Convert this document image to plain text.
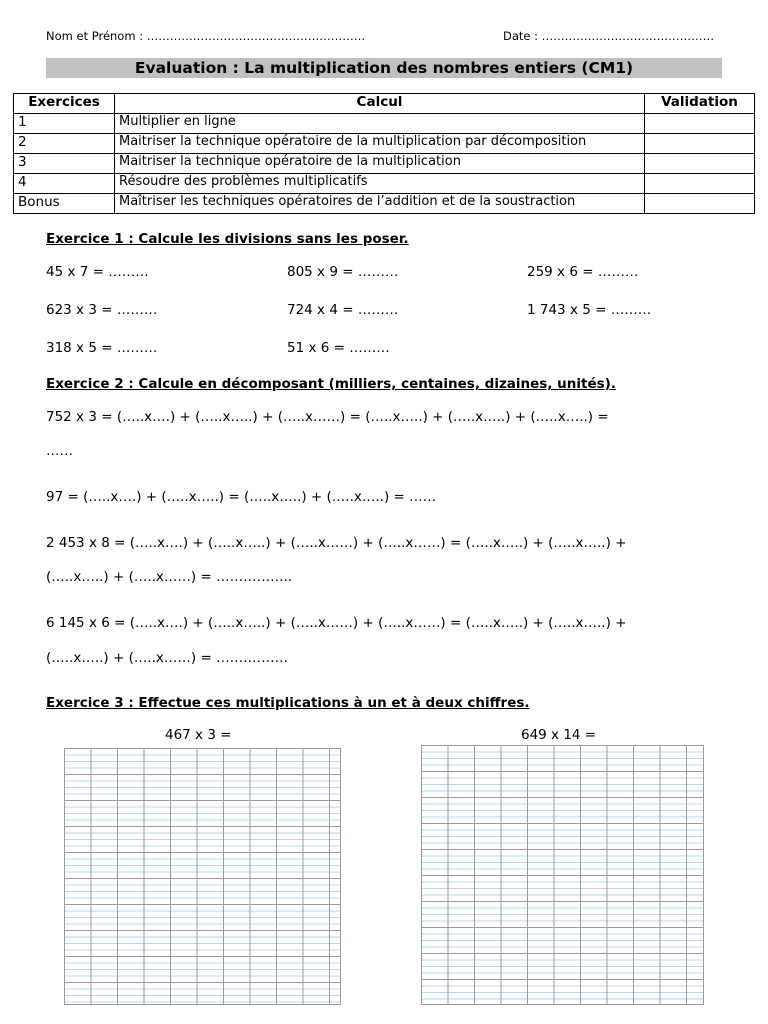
Nom et Prénom : …………………………………………………	Date : ………………………………………
Evaluation : La multiplication des nombres entiers (CM1)
Exercices	Calcul	Validation
1	Multiplier en ligne	
2	Maitriser la technique opératoire de la multiplication par décomposition	
3	Maitriser la technique opératoire de la multiplication	
4	Résoudre des problèmes multiplicatifs	
Bonus	Maîtriser les techniques opératoires de l’addition et de la soustraction	
Exercice 1 : Calcule les divisions sans les poser.
45 x 7 = ………	805 x 9 = ………	259 x 6 = ………
623 x 3 = ………	724 x 4 = ………	1 743 x 5 = ………
318 x 5 = ………	51 x 6 = ………
Exercice 2 : Calcule en décomposant (milliers, centaines, dizaines, unités).
752 x 3 = (…..x….) + (…..x…..) + (…..x……) = (…..x…..) + (…..x…..) + (…..x…..) =
……
97 = (…..x….) + (…..x…..) = (…..x…..) + (…..x…..) = ……
2 453 x 8 = (…..x….) + (…..x…..) + (…..x……) + (…..x……) = (…..x…..) + (…..x…..) +
(…..x…..) + (…..x……) = ……………..
6 145 x 6 = (…..x….) + (…..x…..) + (…..x……) + (…..x……) = (…..x…..) + (…..x…..) +
(…..x…..) + (…..x……) = …………….
Exercice 3 : Effectue ces multiplications à un et à deux chiffres.
467 x 3 =	649 x 14 =
